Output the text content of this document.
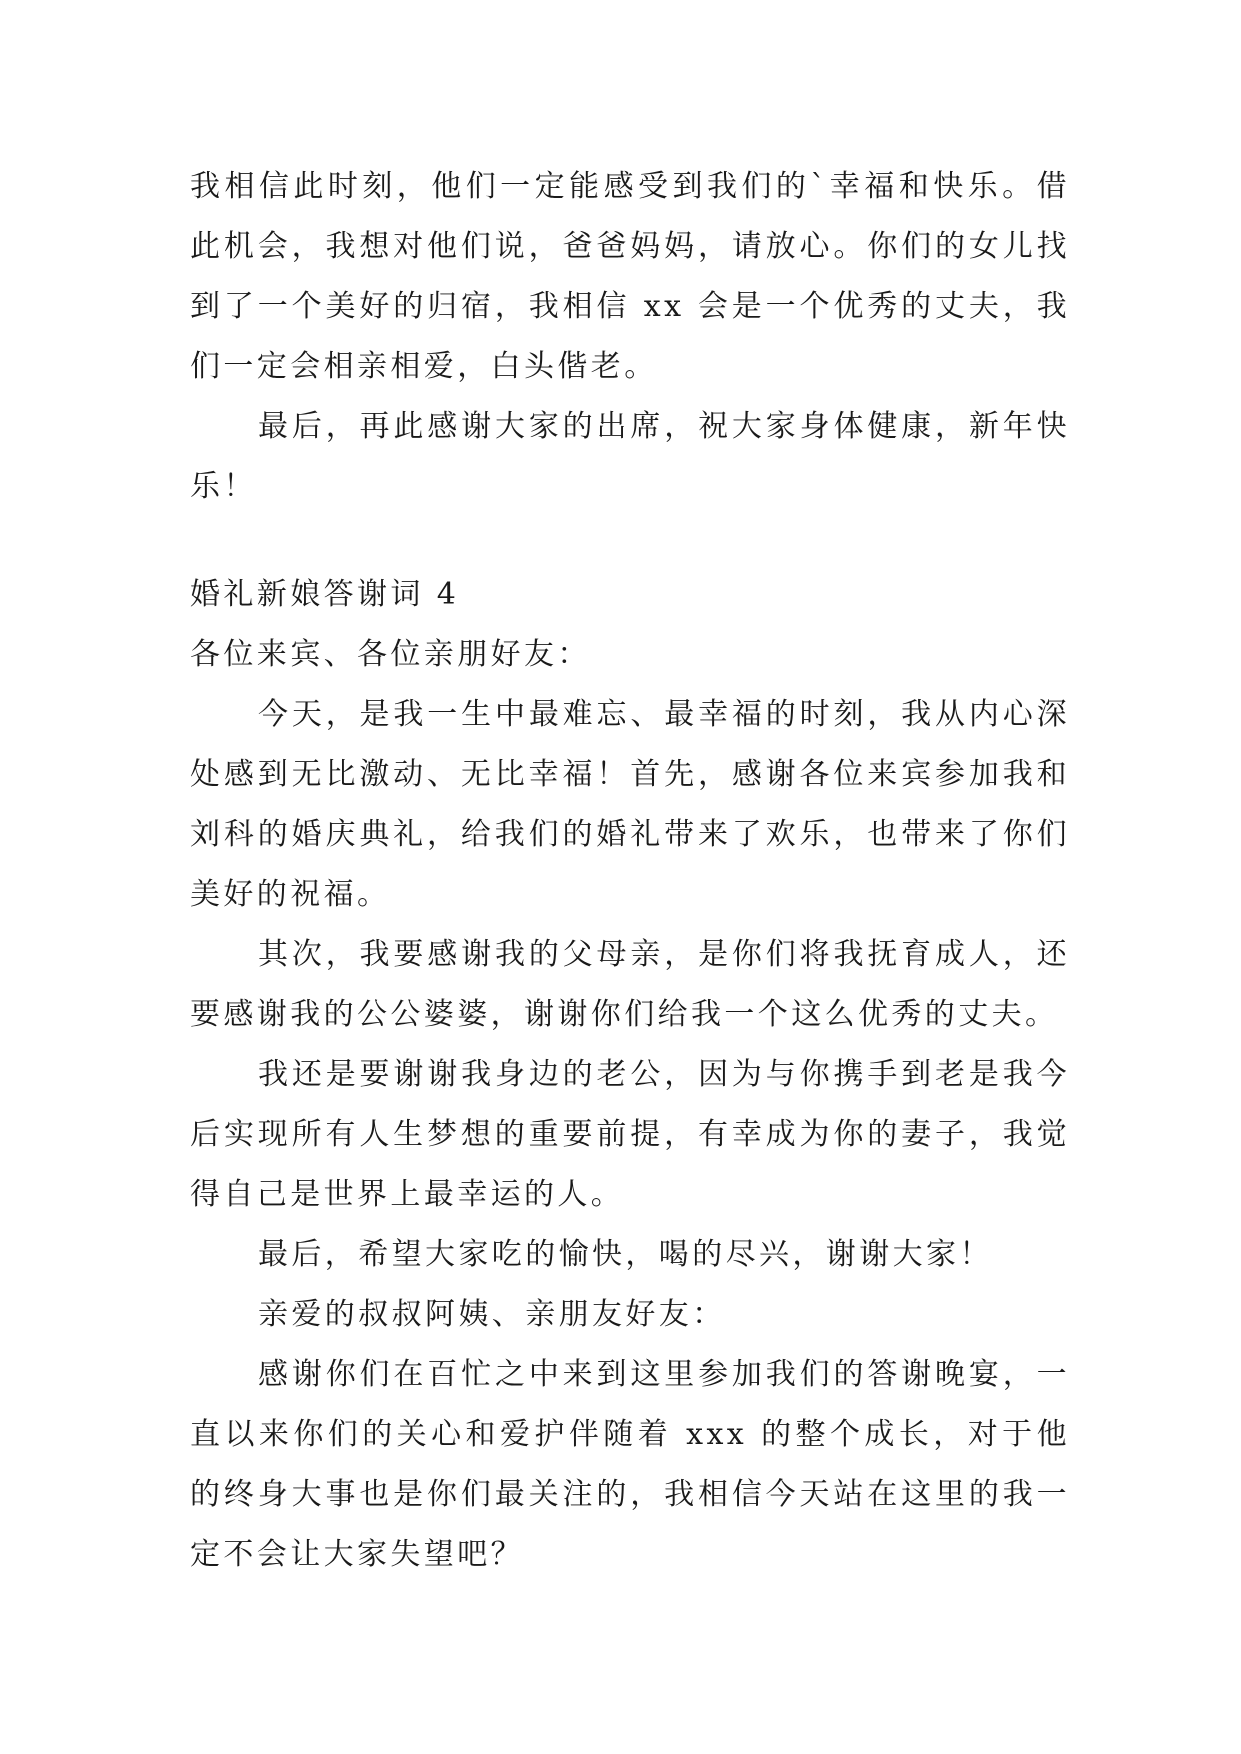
我相信此时刻，他们一定能感受到我们的`幸福和快乐。借此机会，我想对他们说，爸爸妈妈，请放心。你们的女儿找到了一个美好的归宿，我相信 xx 会是一个优秀的丈夫，我们一定会相亲相爱，白头偕老。

最后，再此感谢大家的出席，祝大家身体健康，新年快乐！

婚礼新娘答谢词 4

各位来宾、各位亲朋好友：

今天，是我一生中最难忘、最幸福的时刻，我从内心深处感到无比激动、无比幸福！首先，感谢各位来宾参加我和刘科的婚庆典礼，给我们的婚礼带来了欢乐，也带来了你们美好的祝福。

其次，我要感谢我的父母亲，是你们将我抚育成人，还要感谢我的公公婆婆，谢谢你们给我一个这么优秀的丈夫。

我还是要谢谢我身边的老公，因为与你携手到老是我今后实现所有人生梦想的重要前提，有幸成为你的妻子，我觉得自己是世界上最幸运的人。

最后，希望大家吃的愉快，喝的尽兴，谢谢大家！

亲爱的叔叔阿姨、亲朋友好友：

感谢你们在百忙之中来到这里参加我们的答谢晚宴，一直以来你们的关心和爱护伴随着 xxx 的整个成长，对于他的终身大事也是你们最关注的，我相信今天站在这里的我一定不会让大家失望吧？
